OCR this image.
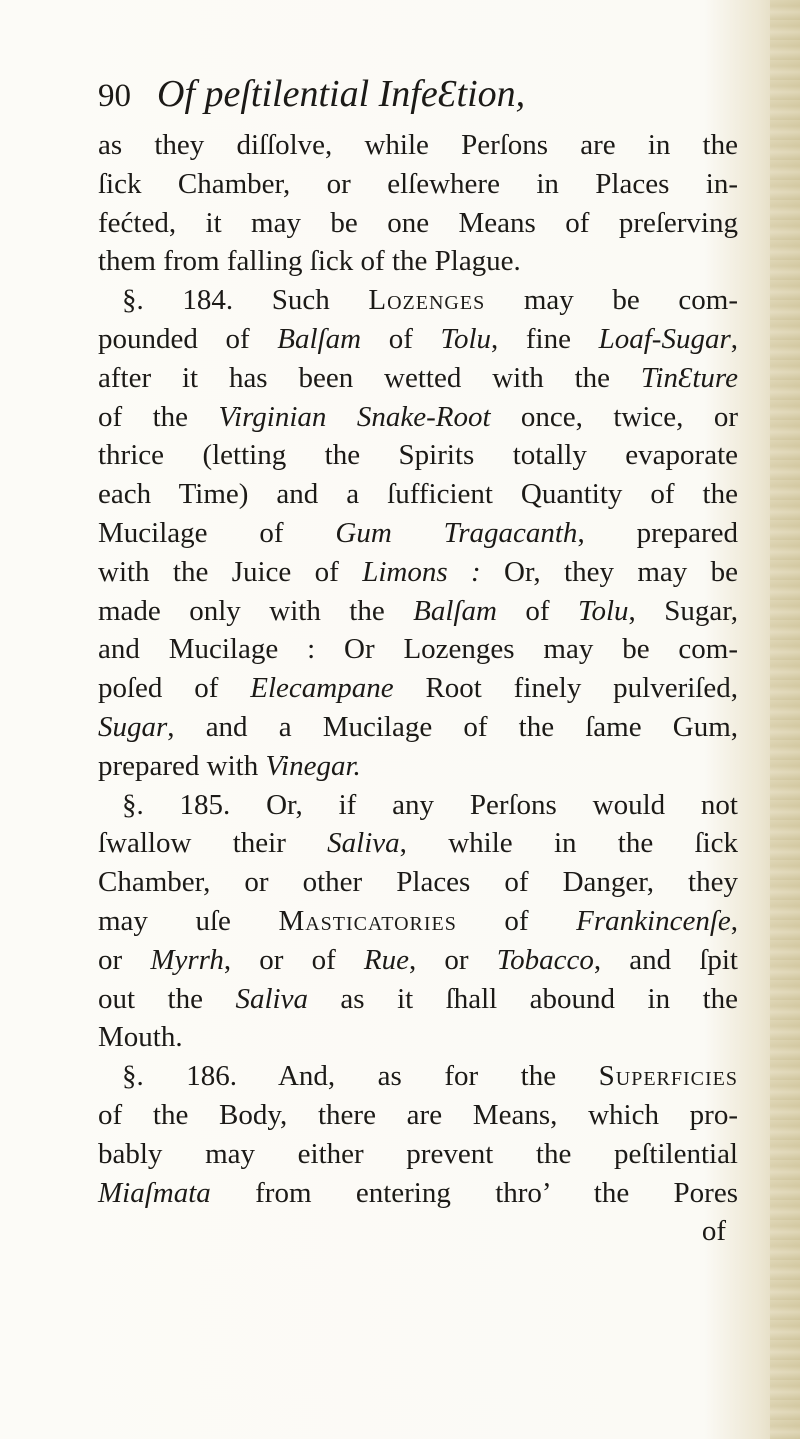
90 Of peſtilential InfeƐtion,
as they diſſolve, while Perſons are in the
ſick Chamber, or elſewhere in Places in-
fećted, it may be one Means of preſerving
them from falling ſick of the Plague.
§. 184. Such Lozenges may be com-
pounded of Balſam of Tolu, fine Loaf-Sugar,
after it has been wetted with the TinƐture
of the Virginian Snake-Root once, twice, or
thrice (letting the Spirits totally evaporate
each Time) and a ſufficient Quantity of the
Mucilage of Gum Tragacanth, prepared
with the Juice of Limons : Or, they may be
made only with the Balſam of Tolu, Sugar,
and Mucilage : Or Lozenges may be com-
poſed of Elecampane Root finely pulveriſed,
Sugar, and a Mucilage of the ſame Gum,
prepared with Vinegar.
§. 185. Or, if any Perſons would not
ſwallow their Saliva, while in the ſick
Chamber, or other Places of Danger, they
may uſe Masticatories of Frankincenſe,
or Myrrh, or of Rue, or Tobacco, and ſpit
out the Saliva as it ſhall abound in the
Mouth.
§. 186. And, as for the Superficies
of the Body, there are Means, which pro-
bably may either prevent the peſtilential
Miaſmata from entering thro’ the Pores
of
